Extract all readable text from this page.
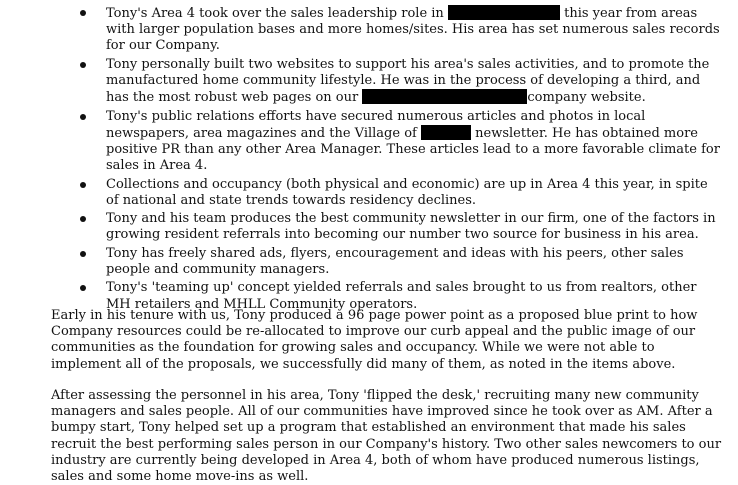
Tony's Area 4 took over the sales leadership role in	this year from areas with larger population bases and more homes/sites. His area has set numerous sales records for our Company.
Tony personally built two websites to support his area's sales activities, and to promote the manufactured home community lifestyle. He was in the process of developing a third, and has the most robust web pages on our	company website.
Tony's public relations efforts have secured numerous articles and photos in local newspapers, area magazines and the Village of	newsletter. He has obtained more positive PR than any other Area Manager. These articles lead to a more favorable climate for sales in Area 4.
Collections and occupancy (both physical and economic) are up in Area 4 this year, in spite of national and state trends towards residency declines.
Tony and his team produces the best community newsletter in our firm, one of the factors in growing resident referrals into becoming our number two source for business in his area.
Tony has freely shared ads, flyers, encouragement and ideas with his peers, other sales people and community managers.
Tony's 'teaming up' concept yielded referrals and sales brought to us from realtors, other MH retailers and MHLL Community operators.

Early in his tenure with us, Tony produced a 96 page power point as a proposed blue print to how Company resources could be re-allocated to improve our curb appeal and the public image of our communities as the foundation for growing sales and occupancy. While we were not able to implement all of the proposals, we successfully did many of them, as noted in the items above.

After assessing the personnel in his area, Tony 'flipped the desk,' recruiting many new community managers and sales people. All of our communities have improved since he took over as AM. After a bumpy start, Tony helped set up a program that established an environment that made his sales recruit the best performing sales person in our Company's history. Two other sales newcomers to our industry are currently being developed in Area 4, both of whom have produced numerous listings, sales and some home move-ins as well.
